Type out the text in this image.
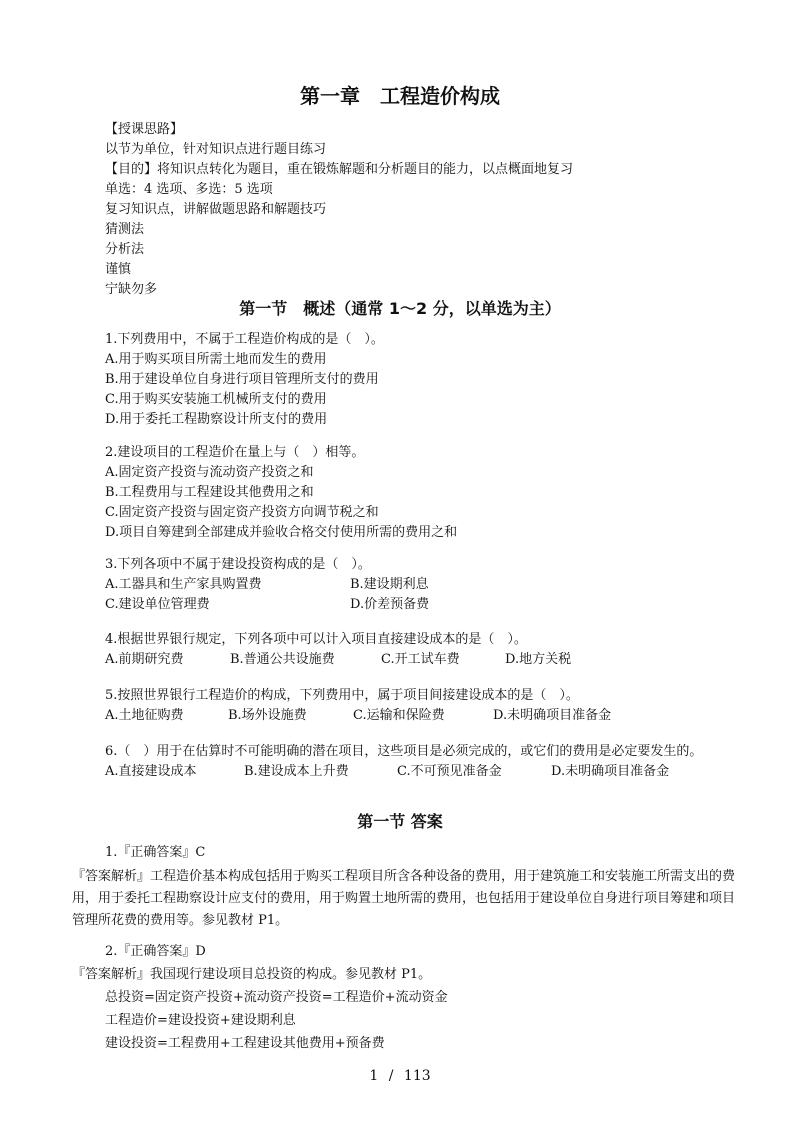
第一章　工程造价构成
【授课思路】
以节为单位，针对知识点进行题目练习
【目的】将知识点转化为题目，重在锻炼解题和分析题目的能力，以点概面地复习
单选：4 选项、多选：5 选项
复习知识点，讲解做题思路和解题技巧
猜测法
分析法
谨慎
宁缺勿多
第一节　概述（通常 1～2 分，以单选为主）
1.下列费用中，不属于工程造价构成的是（　）。
A.用于购买项目所需土地而发生的费用
B.用于建设单位自身进行项目管理所支付的费用
C.用于购买安装施工机械所支付的费用
D.用于委托工程勘察设计所支付的费用
2.建设项目的工程造价在量上与（　）相等。
A.固定资产投资与流动资产投资之和
B.工程费用与工程建设其他费用之和
C.固定资产投资与固定资产投资方向调节税之和
D.项目自筹建到全部建成并验收合格交付使用所需的费用之和
3.下列各项中不属于建设投资构成的是（　）。
A.工器具和生产家具购置费	B.建设期利息
C.建设单位管理费	D.价差预备费
4.根据世界银行规定，下列各项中可以计入项目直接建设成本的是（　）。
A.前期研究费	B.普通公共设施费	C.开工试车费	D.地方关税
5.按照世界银行工程造价的构成，下列费用中，属于项目间接建设成本的是（　）。
A.土地征购费	B.场外设施费	C.运输和保险费	D.未明确项目准备金
6.（　）用于在估算时不可能明确的潜在项目，这些项目是必须完成的，或它们的费用是必定要发生的。
A.直接建设成本	B.建设成本上升费	C.不可预见准备金	D.未明确项目准备金
第一节 答案
1.『正确答案』C
『答案解析』工程造价基本构成包括用于购买工程项目所含各种设备的费用，用于建筑施工和安装施工所需支出的费用，用于委托工程勘察设计应支付的费用，用于购置土地所需的费用，也包括用于建设单位自身进行项目筹建和项目管理所花费的费用等。参见教材 P1。
2.『正确答案』D
『答案解析』我国现行建设项目总投资的构成。参见教材 P1。
总投资=固定资产投资+流动资产投资=工程造价+流动资金
工程造价=建设投资+建设期利息
建设投资=工程费用+工程建设其他费用+预备费
1 / 113
